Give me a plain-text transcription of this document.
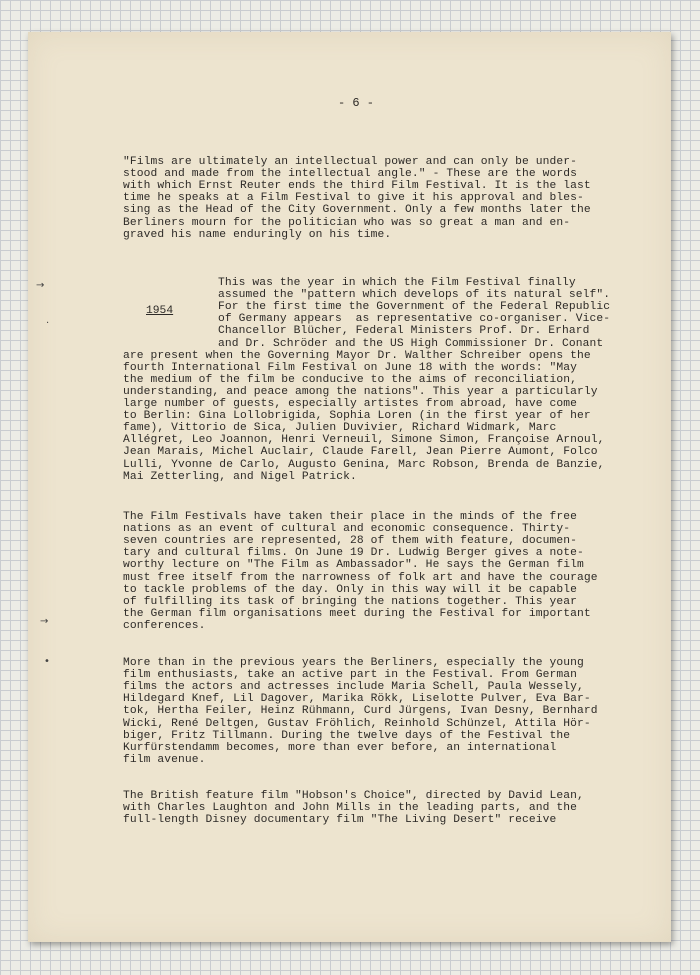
- 6 -
1954
→
·
→
•
"Films are ultimately an intellectual power and can only be under-
stood and made from the intellectual angle." - These are the words
with which Ernst Reuter ends the third Film Festival. It is the last
time he speaks at a Film Festival to give it his approval and bles-
sing as the Head of the City Government. Only a few months later the
Berliners mourn for the politician who was so great a man and en-
graved his name enduringly on his time.
This was the year in which the Film Festival finally
assumed the "pattern which develops of its natural self".
For the first time the Government of the Federal Republic
of Germany appears  as representative co-organiser. Vice-
Chancellor Blücher, Federal Ministers Prof. Dr. Erhard
and Dr. Schröder and the US High Commissioner Dr. Conant
are present when the Governing Mayor Dr. Walther Schreiber opens the
fourth International Film Festival on June 18 with the words: "May
the medium of the film be conducive to the aims of reconciliation,
understanding, and peace among the nations". This year a particularly
large number of guests, especially artistes from abroad, have come
to Berlin: Gina Lollobrigida, Sophia Loren (in the first year of her
fame), Vittorio de Sica, Julien Duvivier, Richard Widmark, Marc
Allégret, Leo Joannon, Henri Verneuil, Simone Simon, Françoise Arnoul,
Jean Marais, Michel Auclair, Claude Farell, Jean Pierre Aumont, Folco
Lulli, Yvonne de Carlo, Augusto Genina, Marc Robson, Brenda de Banzie,
Mai Zetterling, and Nigel Patrick.
The Film Festivals have taken their place in the minds of the free
nations as an event of cultural and economic consequence. Thirty-
seven countries are represented, 28 of them with feature, documen-
tary and cultural films. On June 19 Dr. Ludwig Berger gives a note-
worthy lecture on "The Film as Ambassador". He says the German film
must free itself from the narrowness of folk art and have the courage
to tackle problems of the day. Only in this way will it be capable
of fulfilling its task of bringing the nations together. This year
the German film organisations meet during the Festival for important
conferences.
More than in the previous years the Berliners, especially the young
film enthusiasts, take an active part in the Festival. From German
films the actors and actresses include Maria Schell, Paula Wessely,
Hildegard Knef, Lil Dagover, Marika Rökk, Liselotte Pulver, Eva Bar-
tok, Hertha Feiler, Heinz Rühmann, Curd Jürgens, Ivan Desny, Bernhard
Wicki, René Deltgen, Gustav Fröhlich, Reinhold Schünzel, Attila Hör-
biger, Fritz Tillmann. During the twelve days of the Festival the
Kurfürstendamm becomes, more than ever before, an international
film avenue.
The British feature film "Hobson's Choice", directed by David Lean,
with Charles Laughton and John Mills in the leading parts, and the
full-length Disney documentary film "The Living Desert" receive
